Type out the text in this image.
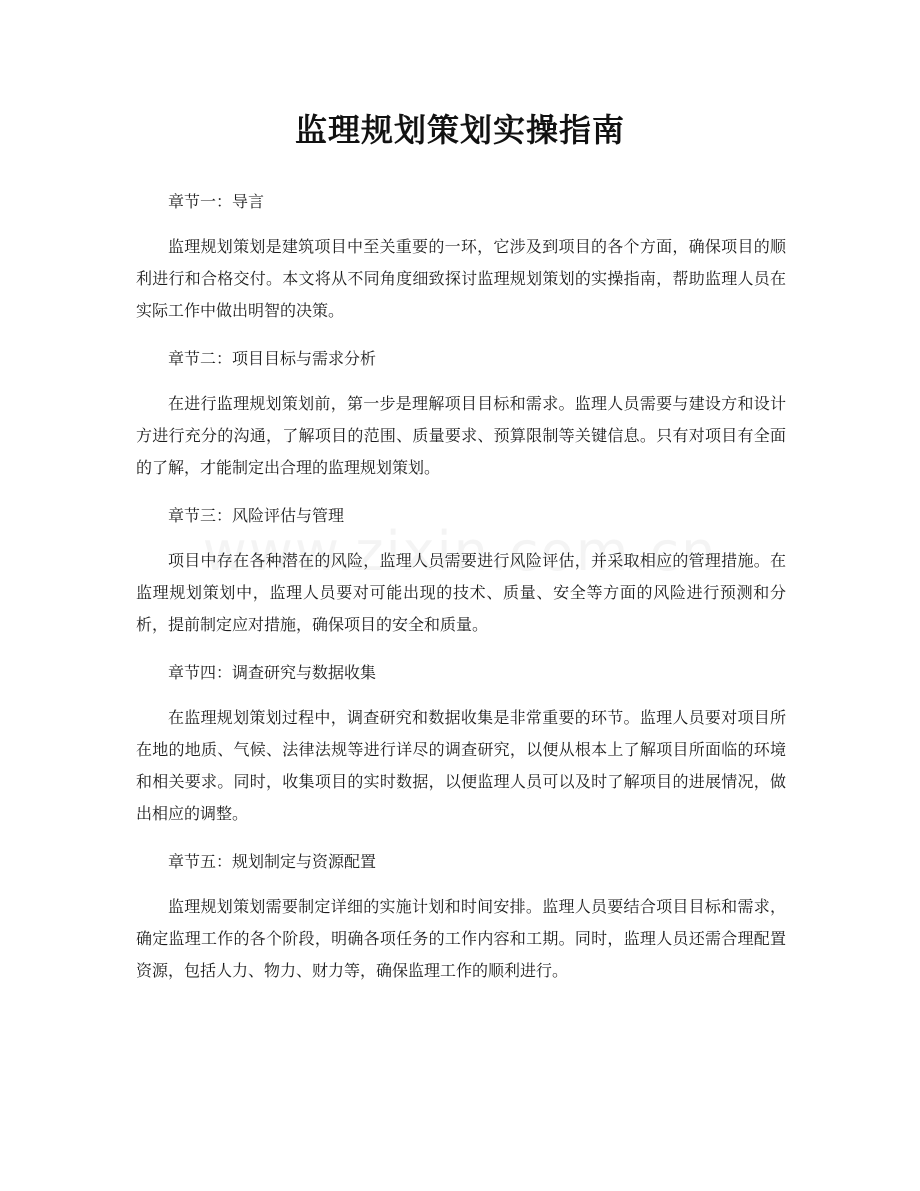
监理规划策划实操指南

章节一：导言

监理规划策划是建筑项目中至关重要的一环，它涉及到项目的各个方面，确保项目的顺利进行和合格交付。本文将从不同角度细致探讨监理规划策划的实操指南，帮助监理人员在实际工作中做出明智的决策。

章节二：项目目标与需求分析

在进行监理规划策划前，第一步是理解项目目标和需求。监理人员需要与建设方和设计方进行充分的沟通，了解项目的范围、质量要求、预算限制等关键信息。只有对项目有全面的了解，才能制定出合理的监理规划策划。

章节三：风险评估与管理

项目中存在各种潜在的风险，监理人员需要进行风险评估，并采取相应的管理措施。在监理规划策划中，监理人员要对可能出现的技术、质量、安全等方面的风险进行预测和分析，提前制定应对措施，确保项目的安全和质量。

章节四：调查研究与数据收集

在监理规划策划过程中，调查研究和数据收集是非常重要的环节。监理人员要对项目所在地的地质、气候、法律法规等进行详尽的调查研究，以便从根本上了解项目所面临的环境和相关要求。同时，收集项目的实时数据，以便监理人员可以及时了解项目的进展情况，做出相应的调整。

章节五：规划制定与资源配置

监理规划策划需要制定详细的实施计划和时间安排。监理人员要结合项目目标和需求，确定监理工作的各个阶段，明确各项任务的工作内容和工期。同时，监理人员还需合理配置资源，包括人力、物力、财力等，确保监理工作的顺利进行。
